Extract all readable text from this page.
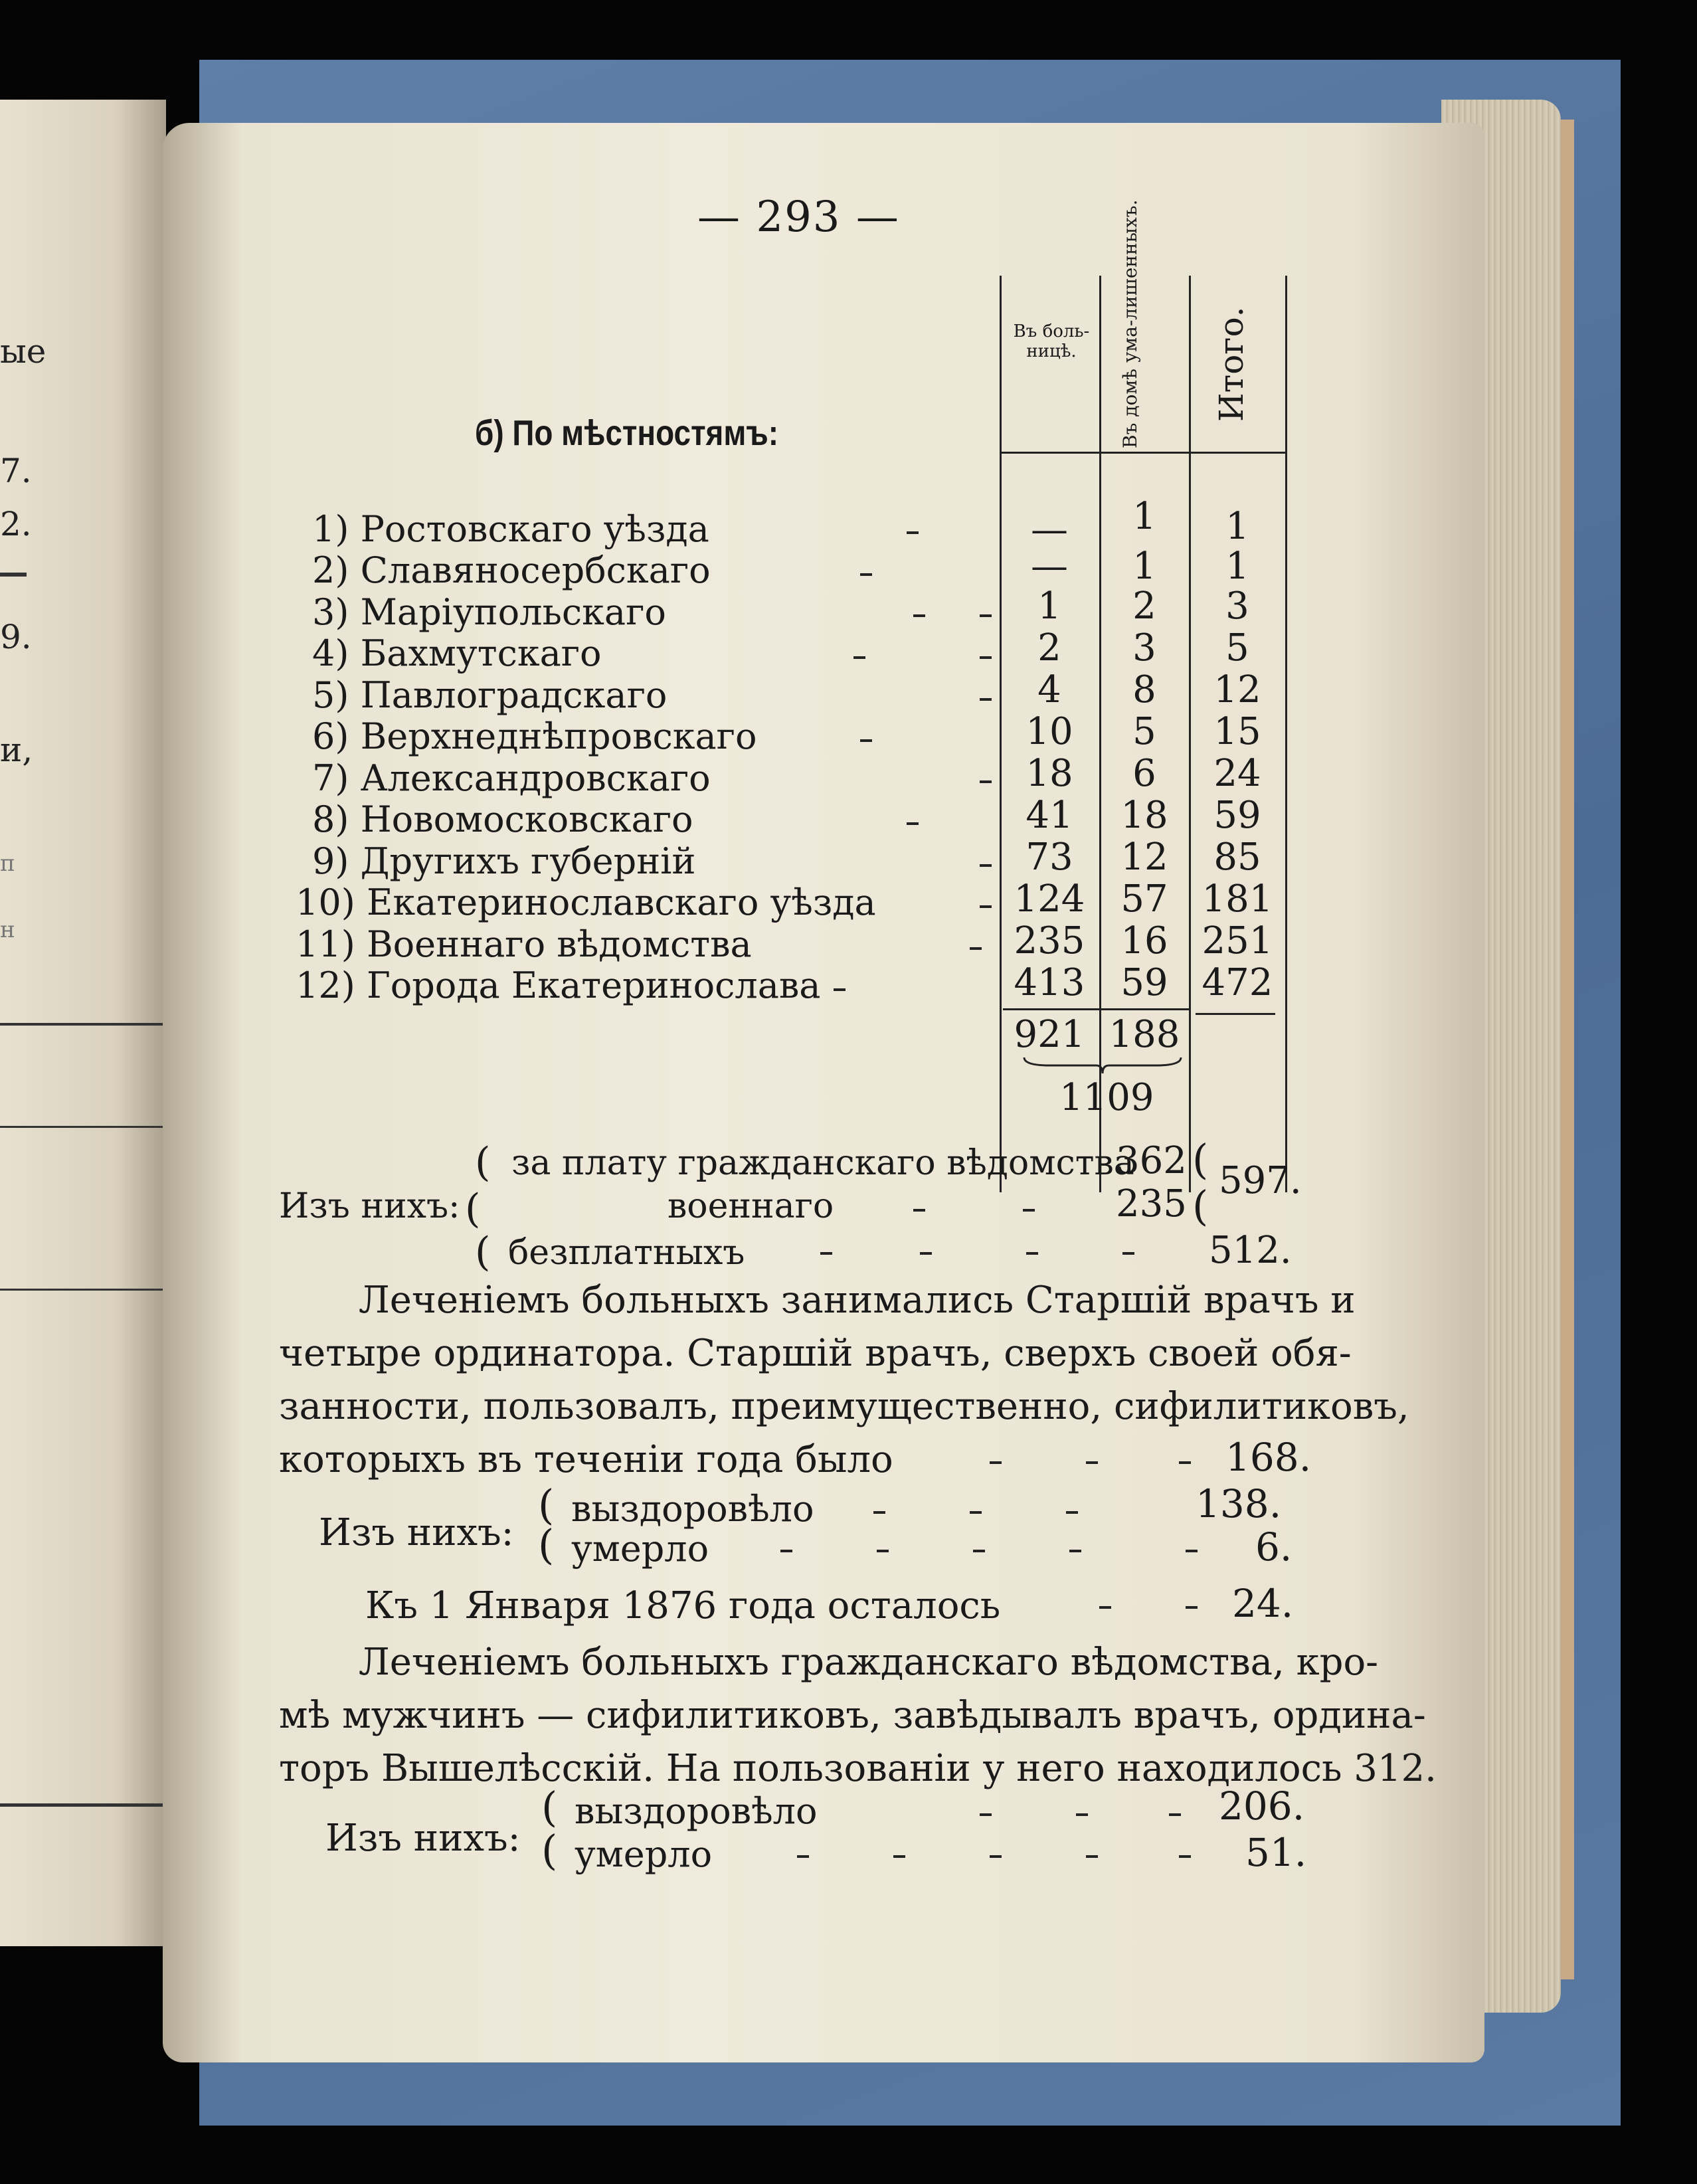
ые
7.
2.
9.
и,
п
н
— 293 —
Въ боль-ницѣ.	Въ домѣ ума-лишенныхъ. Итого.
б) По мѣстностямъ:
1) Ростовскаго уѣзда	—	1	1
2) Славяносербскаго	—	1	1
3) Маріупольскаго	1	2	3
4) Бахмутскаго	2	3	5
5) Павлоградскаго	4	8	12
6) Верхнеднѣпровскаго	10	5	15
7) Александровскаго	18	6	24
8) Новомосковскаго	41	18	59
9) Другихъ губерній	73	12	85
10) Екатеринославскаго уѣзда	124 57 181
11) Военнаго вѣдомства	235 16 251
12) Города Екатеринослава	413 59 472
921 188
1109
Изъ нихъ:
(
(
(
за плату гражданскаго вѣдомства
362 ( 597.
военнаго	235 (
безплатныхъ	512.
Леченіемъ больныхъ занимались Старшій врачъ и
четыре ординатора. Старшій врачъ, сверхъ своей обя-
занности, пользовалъ, преимущественно, сифилитиковъ,
которыхъ въ теченіи года было	168.
Изъ нихъ:
(
(
выздоровѣло	138.
умерло	6.
Къ 1 Января 1876 года осталось	24.
Леченіемъ больныхъ гражданскаго вѣдомства, кро-
мѣ мужчинъ — сифилитиковъ, завѣдывалъ врачъ, ордина-
торъ Вышелѣсскій. На пользованіи у него находилось 312.
Изъ нихъ:
(
(
выздоровѣло	206.
умерло	51.
